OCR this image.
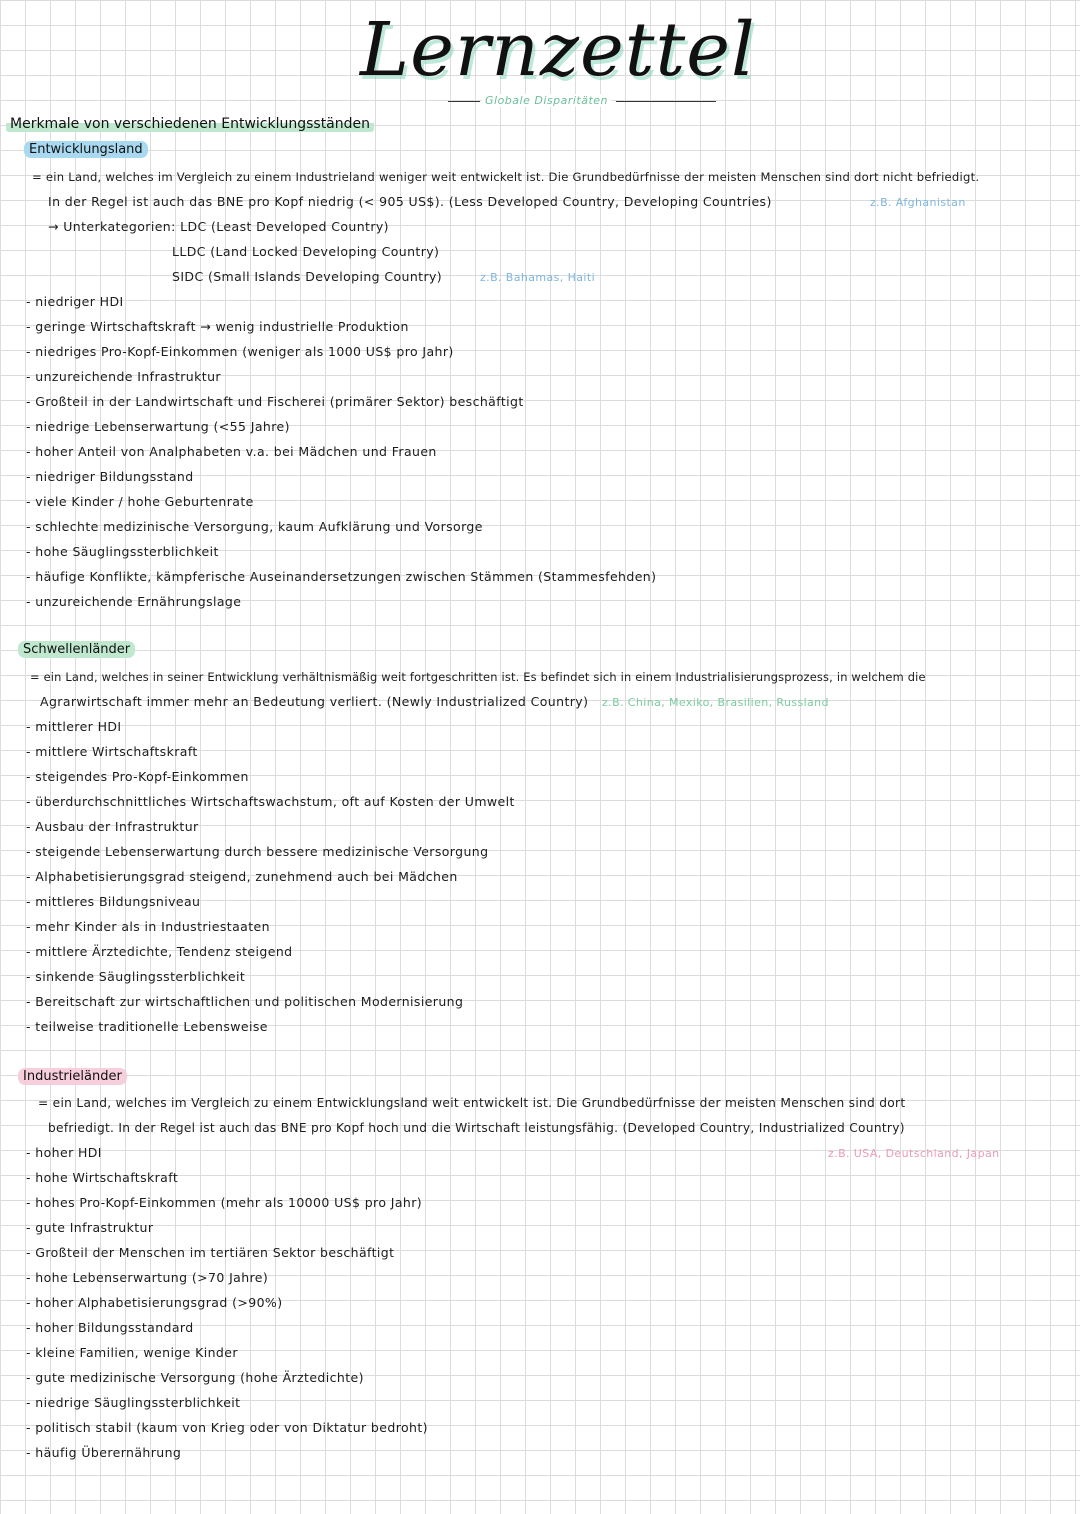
Lernzettel
Globale Disparitäten
Merkmale von verschiedenen Entwicklungsständen
Entwicklungsland
= ein Land, welches im Vergleich zu einem Industrieland weniger weit entwickelt ist. Die Grundbedürfnisse der meisten Menschen sind dort nicht befriedigt.
In der Regel ist auch das BNE pro Kopf niedrig (< 905 US$). (Less Developed Country, Developing Countries)	z.B. Afghanistan
→ Unterkategorien: LDC (Least Developed Country)
LLDC (Land Locked Developing Country)
SIDC (Small Islands Developing Country)	z.B. Bahamas, Haiti
- niedriger HDI
- geringe Wirtschaftskraft → wenig industrielle Produktion
- niedriges Pro-Kopf-Einkommen (weniger als 1000 US$ pro Jahr)
- unzureichende Infrastruktur
- Großteil in der Landwirtschaft und Fischerei (primärer Sektor) beschäftigt
- niedrige Lebenserwartung (<55 Jahre)
- hoher Anteil von Analphabeten v.a. bei Mädchen und Frauen
- niedriger Bildungsstand
- viele Kinder / hohe Geburtenrate
- schlechte medizinische Versorgung, kaum Aufklärung und Vorsorge
- hohe Säuglingssterblichkeit
- häufige Konflikte, kämpferische Auseinandersetzungen zwischen Stämmen (Stammesfehden)
- unzureichende Ernährungslage
Schwellenländer
= ein Land, welches in seiner Entwicklung verhältnismäßig weit fortgeschritten ist. Es befindet sich in einem Industrialisierungsprozess, in welchem die
Agrarwirtschaft immer mehr an Bedeutung verliert. (Newly Industrialized Country) z.B. China, Mexiko, Brasilien, Russland
- mittlerer HDI
- mittlere Wirtschaftskraft
- steigendes Pro-Kopf-Einkommen
- überdurchschnittliches Wirtschaftswachstum, oft auf Kosten der Umwelt
- Ausbau der Infrastruktur
- steigende Lebenserwartung durch bessere medizinische Versorgung
- Alphabetisierungsgrad steigend, zunehmend auch bei Mädchen
- mittleres Bildungsniveau
- mehr Kinder als in Industriestaaten
- mittlere Ärztedichte, Tendenz steigend
- sinkende Säuglingssterblichkeit
- Bereitschaft zur wirtschaftlichen und politischen Modernisierung
- teilweise traditionelle Lebensweise
Industrieländer
= ein Land, welches im Vergleich zu einem Entwicklungsland weit entwickelt ist. Die Grundbedürfnisse der meisten Menschen sind dort
befriedigt. In der Regel ist auch das BNE pro Kopf hoch und die Wirtschaft leistungsfähig. (Developed Country, Industrialized Country)
z.B. USA, Deutschland, Japan
- hoher HDI
- hohe Wirtschaftskraft
- hohes Pro-Kopf-Einkommen (mehr als 10000 US$ pro Jahr)
- gute Infrastruktur
- Großteil der Menschen im tertiären Sektor beschäftigt
- hohe Lebenserwartung (>70 Jahre)
- hoher Alphabetisierungsgrad (>90%)
- hoher Bildungsstandard
- kleine Familien, wenige Kinder
- gute medizinische Versorgung (hohe Ärztedichte)
- niedrige Säuglingssterblichkeit
- politisch stabil (kaum von Krieg oder von Diktatur bedroht)
- häufig Überernährung
